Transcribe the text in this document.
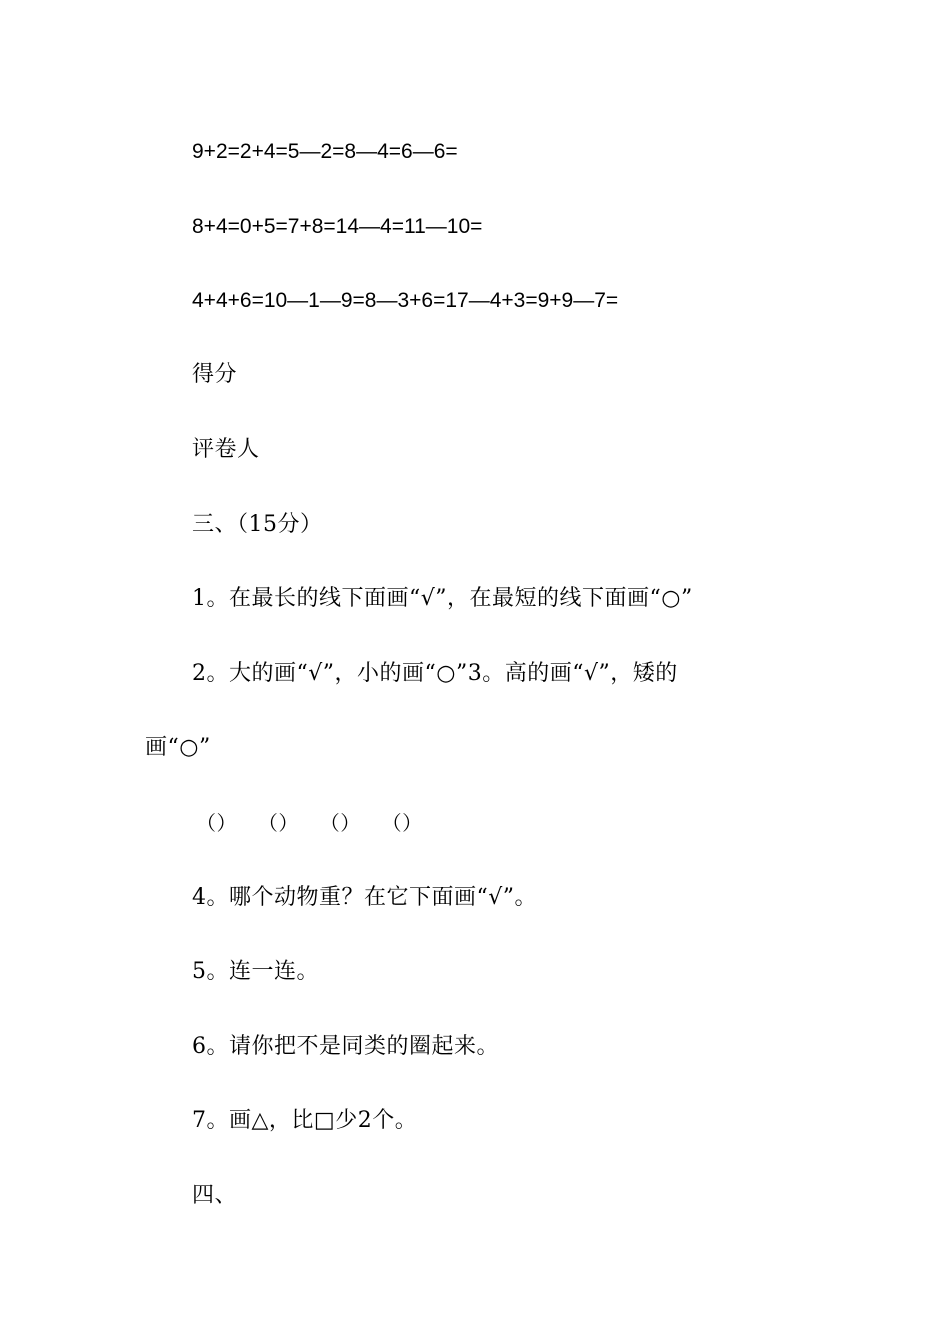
9+2=2+4=5—2=8—4=6—6=
8+4=0+5=7+8=14—4=11—10=
4+4+6=10—1—9=8—3+6=17—4+3=9+9—7=
得分
评卷人
三、（15分）
1。在最长的线下面画“√”，在最短的线下面画“○”
2。大的画“√”，小的画“○”3。高的画“√”，矮的
画“○”
（） （） （） （）
4。哪个动物重？在它下面画“√”。
5。连一连。
6。请你把不是同类的圈起来。
7。画△，比□少2个。
四、
